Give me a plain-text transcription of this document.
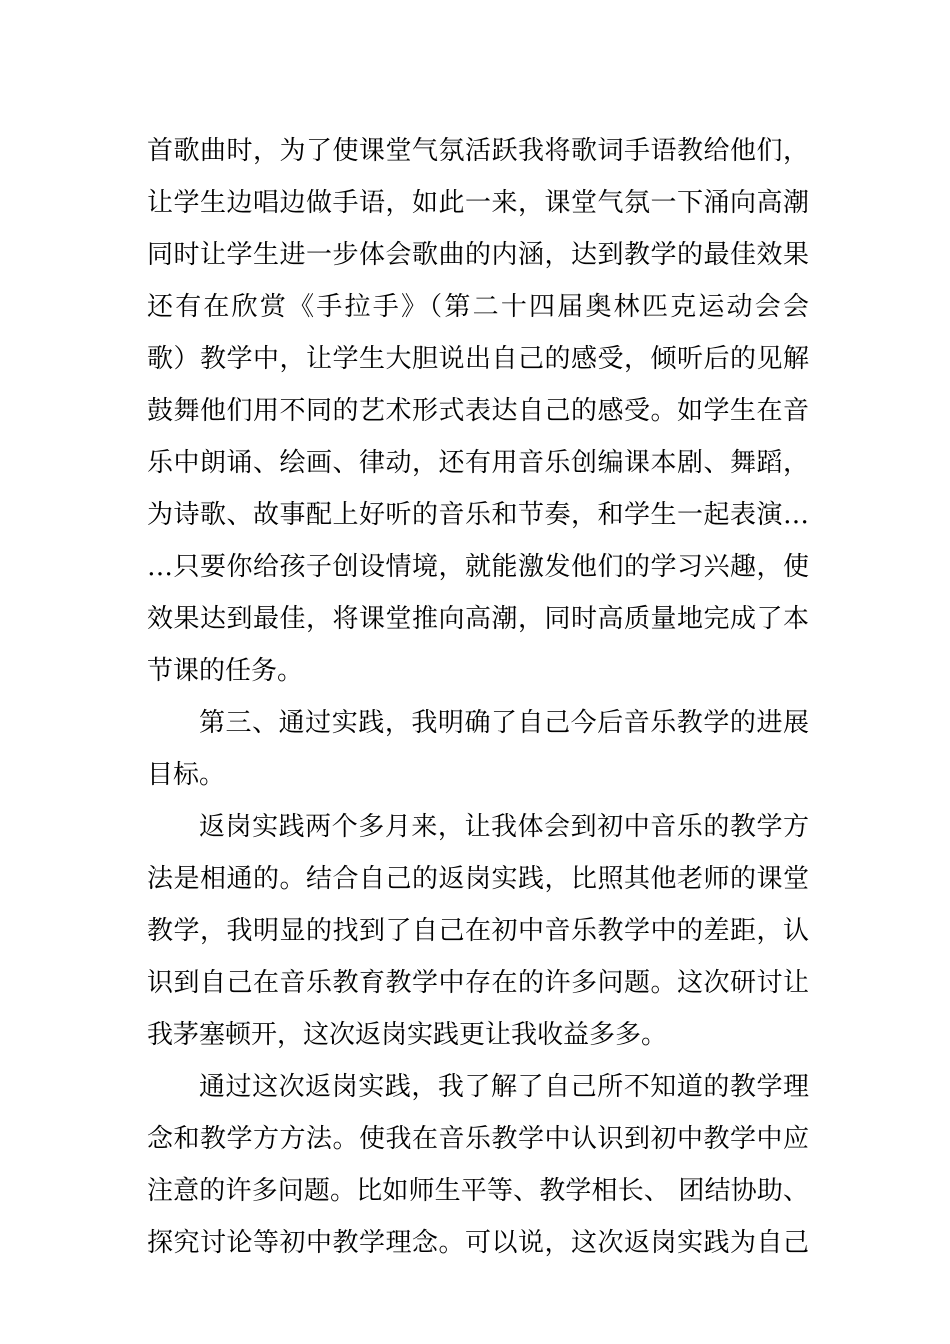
首歌曲时，为了使课堂气氛活跃我将歌词手语教给他们，
让学生边唱边做手语，如此一来，课堂气氛一下涌向高潮
同时让学生进一步体会歌曲的内涵，达到教学的最佳效果
还有在欣赏《手拉手》（第二十四届奥林匹克运动会会
歌）教学中，让学生大胆说出自己的感受，倾听后的见解
鼓舞他们用不同的艺术形式表达自己的感受。如学生在音
乐中朗诵、绘画、律动，还有用音乐创编课本剧、舞蹈，
为诗歌、故事配上好听的音乐和节奏，和学生一起表演…
…只要你给孩子创设情境，就能激发他们的学习兴趣，使
效果达到最佳，将课堂推向高潮，同时高质量地完成了本
节课的任务。
第三、通过实践，我明确了自己今后音乐教学的进展
目标。
返岗实践两个多月来，让我体会到初中音乐的教学方
法是相通的。结合自己的返岗实践，比照其他老师的课堂
教学，我明显的找到了自己在初中音乐教学中的差距，认
识到自己在音乐教育教学中存在的许多问题。这次研讨让
我茅塞顿开，这次返岗实践更让我收益多多。
通过这次返岗实践，我了解了自己所不知道的教学理
念和教学方方法。使我在音乐教学中认识到初中教学中应
注意的许多问题。比如师生平等、教学相长、 团结协助、
探究讨论等初中教学理念。可以说，这次返岗实践为自己
